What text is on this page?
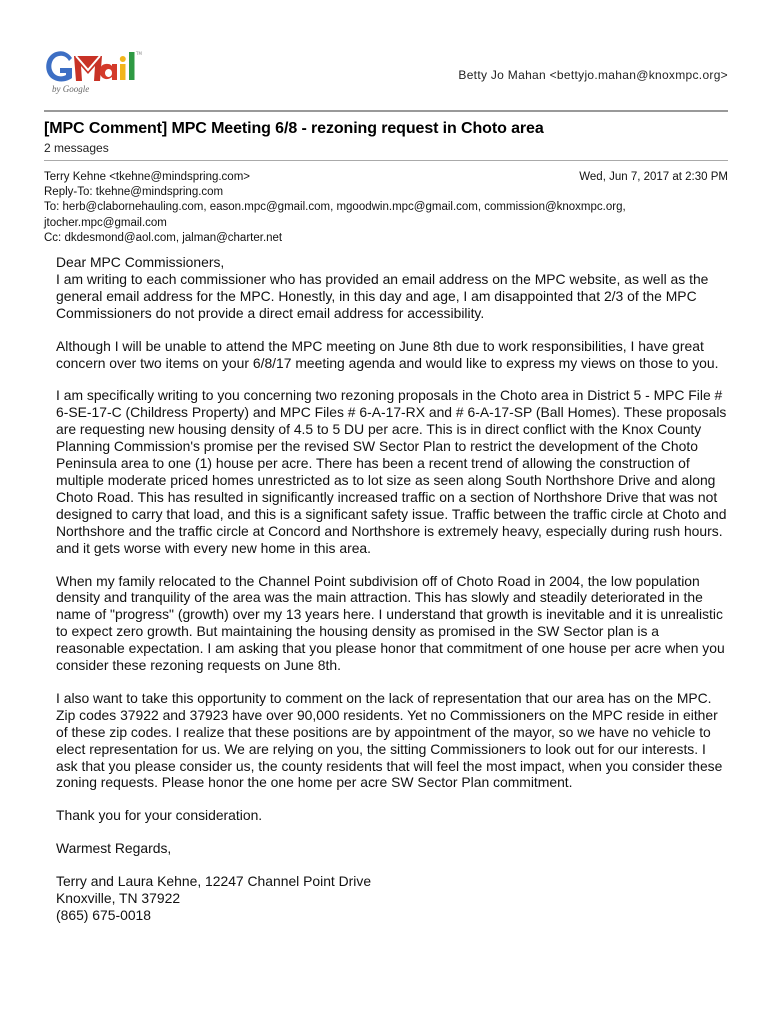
TM
by Google
Betty Jo Mahan <bettyjo.mahan@knoxmpc.org>
[MPC Comment] MPC Meeting 6/8 - rezoning request in Choto area
2 messages
Terry Kehne <tkehne@mindspring.com>	Wed, Jun 7, 2017 at 2:30 PM
Reply-To: tkehne@mindspring.com
To: herb@clabornehauling.com, eason.mpc@gmail.com, mgoodwin.mpc@gmail.com, commission@knoxmpc.org,
jtocher.mpc@gmail.com
Cc: dkdesmond@aol.com, jalman@charter.net
Dear MPC Commissioners,

I am writing to each commissioner who has provided an email address on the MPC website, as well as the general email address for the MPC. Honestly, in this day and age, I am disappointed that 2/3 of the MPC Commissioners do not provide a direct email address for accessibility.

Although I will be unable to attend the MPC meeting on June 8th due to work responsibilities, I have great concern over two items on your 6/8/17 meeting agenda and would like to express my views on those to you.

I am specifically writing to you concerning two rezoning proposals in the Choto area in District 5 - MPC File # 6-SE-17-C (Childress Property) and MPC Files # 6-A-17-RX and # 6-A-17-SP (Ball Homes). These proposals are requesting new housing density of 4.5 to 5 DU per acre. This is in direct conflict with the Knox County Planning Commission's promise per the revised SW Sector Plan to restrict the development of the Choto Peninsula area to one (1) house per acre. There has been a recent trend of allowing the construction of multiple moderate priced homes unrestricted as to lot size as seen along South Northshore Drive and along Choto Road. This has resulted in significantly increased traffic on a section of Northshore Drive that was not designed to carry that load, and this is a significant safety issue. Traffic between the traffic circle at Choto and Northshore and the traffic circle at Concord and Northshore is extremely heavy, especially during rush hours. and it gets worse with every new home in this area.

When my family relocated to the Channel Point subdivision off of Choto Road in 2004, the low population density and tranquility of the area was the main attraction. This has slowly and steadily deteriorated in the name of "progress" (growth) over my 13 years here. I understand that growth is inevitable and it is unrealistic to expect zero growth. But maintaining the housing density as promised in the SW Sector plan is a reasonable expectation. I am asking that you please honor that commitment of one house per acre when you consider these rezoning requests on June 8th.

I also want to take this opportunity to comment on the lack of representation that our area has on the MPC. Zip codes 37922 and 37923 have over 90,000 residents. Yet no Commissioners on the MPC reside in either of these zip codes. I realize that these positions are by appointment of the mayor, so we have no vehicle to elect representation for us. We are relying on you, the sitting Commissioners to look out for our interests. I ask that you please consider us, the county residents that will feel the most impact, when you consider these zoning requests. Please honor the one home per acre SW Sector Plan commitment.

Thank you for your consideration.

Warmest Regards,

Terry and Laura Kehne, 12247 Channel Point Drive
Knoxville, TN 37922
(865) 675-0018
